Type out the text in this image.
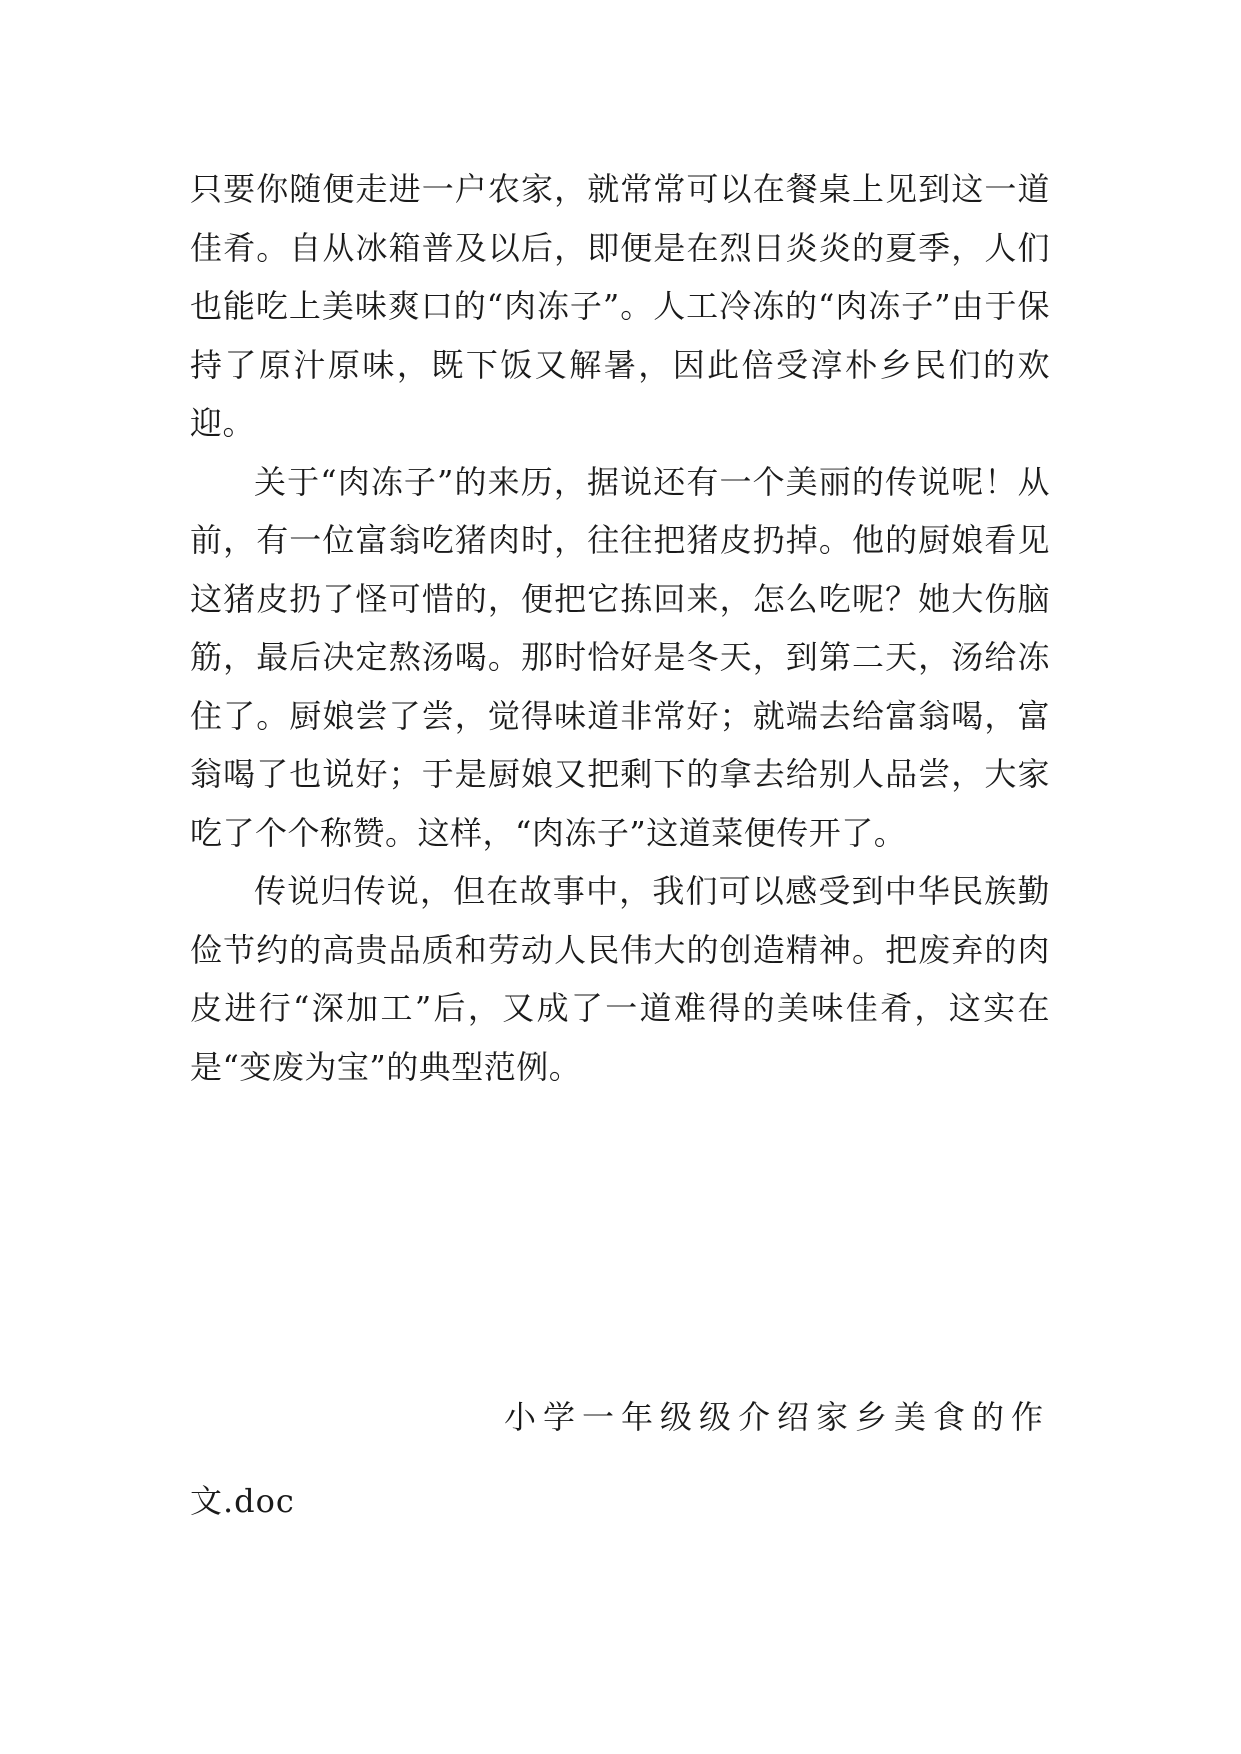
只要你随便走进一户农家，就常常可以在餐桌上见到这一道佳肴。自从冰箱普及以后，即便是在烈日炎炎的夏季，人们也能吃上美味爽口的“肉冻子”。人工冷冻的“肉冻子”由于保持了原汁原味，既下饭又解暑，因此倍受淳朴乡民们的欢迎。

关于“肉冻子”的来历，据说还有一个美丽的传说呢！从前，有一位富翁吃猪肉时，往往把猪皮扔掉。他的厨娘看见这猪皮扔了怪可惜的，便把它拣回来，怎么吃呢？她大伤脑筋，最后决定熬汤喝。那时恰好是冬天，到第二天，汤给冻住了。厨娘尝了尝，觉得味道非常好；就端去给富翁喝，富翁喝了也说好；于是厨娘又把剩下的拿去给别人品尝，大家吃了个个称赞。这样，“肉冻子”这道菜便传开了。

传说归传说，但在故事中，我们可以感受到中华民族勤俭节约的高贵品质和劳动人民伟大的创造精神。把废弃的肉皮进行“深加工”后，又成了一道难得的美味佳肴，这实在是“变废为宝”的典型范例。

小学一年级级介绍家乡美食的作
文.doc
